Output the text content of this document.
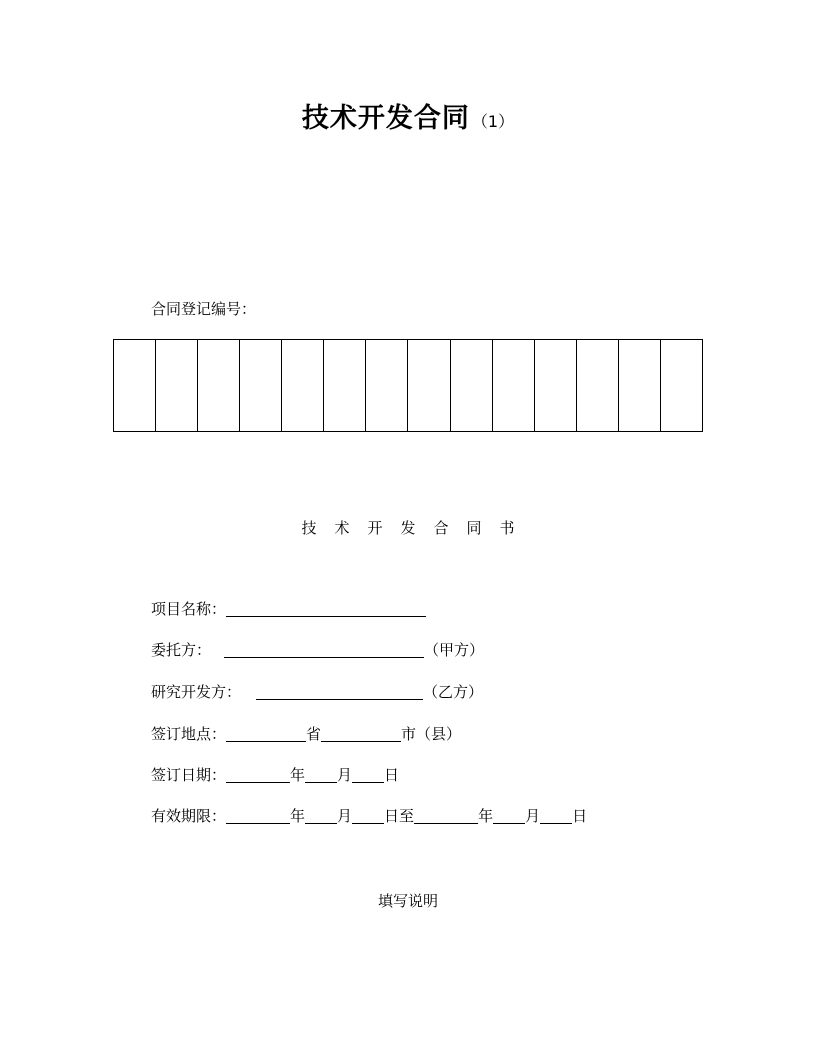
技术开发合同 （1）
合同登记编号：

技术开发合同书
项目名称：
委托方：	（甲方）
研究开发方：	（乙方）
签订地点：	省	市（县）
签订日期：	年 月 日
有效期限：	年 月 日至	年 月 日
填写说明
